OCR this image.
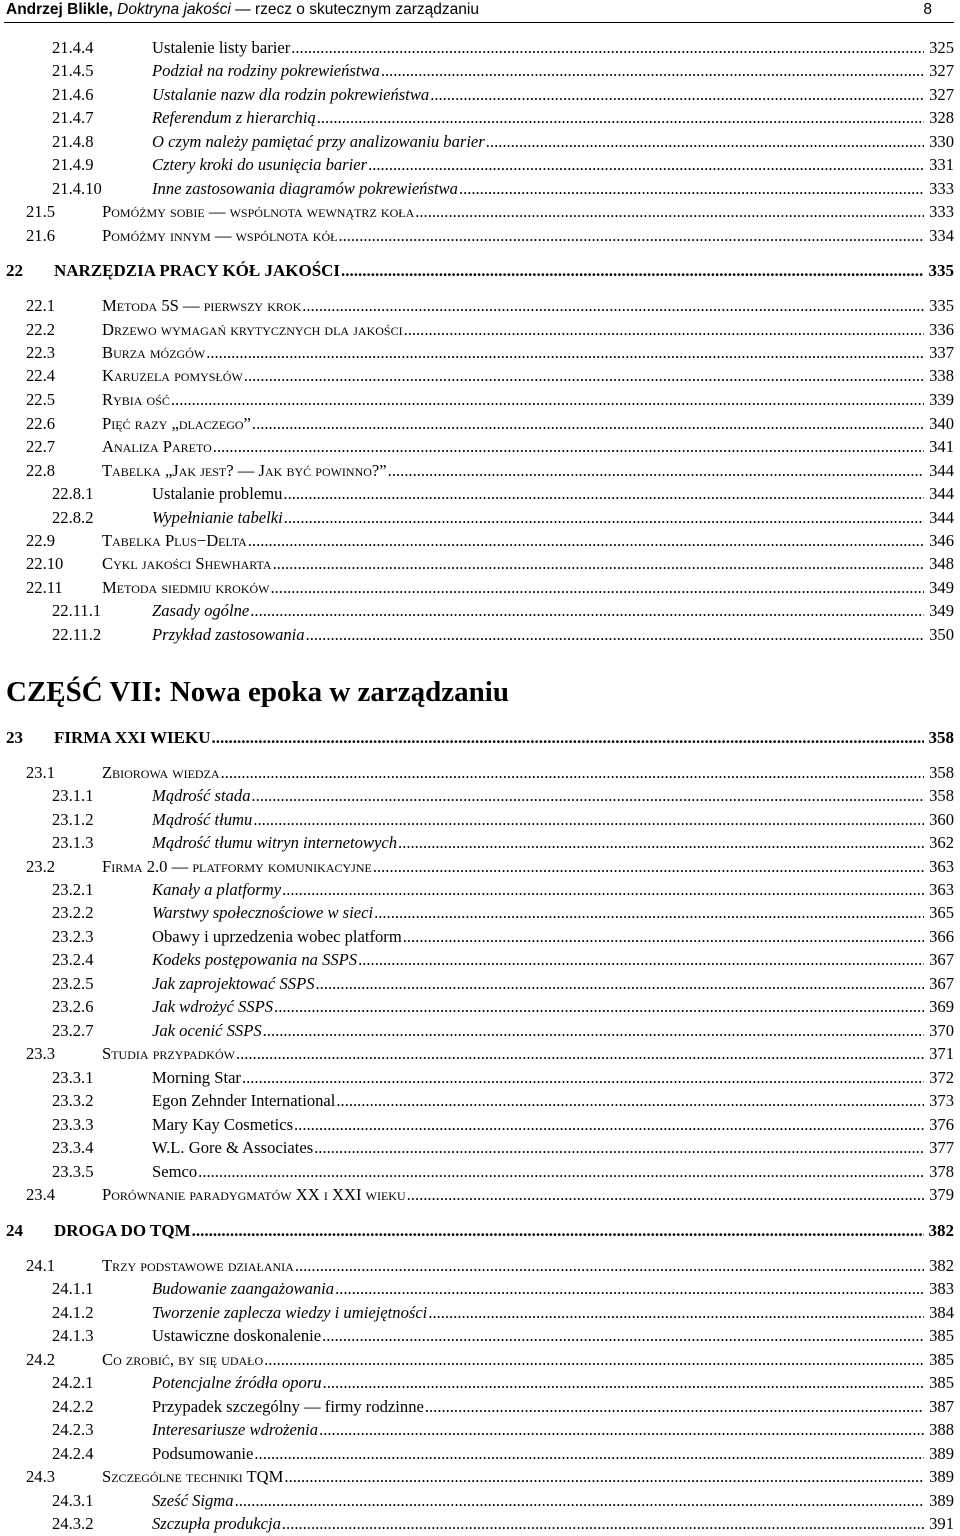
Andrzej Blikle, Doktryna jakości — rzecz o skutecznym zarządzaniu	8
21.4.4	Ustalenie listy barier .....	325
21.4.5	Podział na rodziny pokrewieństwa .....	327
21.4.6	Ustalanie nazw dla rodzin pokrewieństwa .....	327
21.4.7	Referendum z hierarchią .....	328
21.4.8	O czym należy pamiętać przy analizowaniu barier .....	330
21.4.9	Cztery kroki do usunięcia barier .....	331
21.4.10	Inne zastosowania diagramów pokrewieństwa .....	333
21.5	Pomóżmy sobie — wspólnota wewnątrz koła .....	333
21.6	Pomóżmy innym — wspólnota kół .....	334
22 NARZĘDZIA PRACY KÓŁ JAKOŚCI .....	335
22.1	Metoda 5S — pierwszy krok .....	335
22.2	Drzewo wymagań krytycznych dla jakości .....	336
22.3	Burza mózgów .....	337
22.4	Karuzela pomysłów .....	338
22.5	Rybia ość .....	339
22.6	Pięć razy „dlaczego” .....	340
22.7	Analiza Pareto .....	341
22.8	Tabelka „Jak jest? — Jak być powinno?” .....	344
22.8.1	Ustalanie problemu .....	344
22.8.2	Wypełnianie tabelki .....	344
22.9	Tabelka Plus−Delta .....	346
22.10 Cykl jakości Shewharta .....	348
22.11 Metoda siedmiu kroków .....	349
22.11.1	Zasady ogólne .....	349
22.11.2	Przykład zastosowania .....	350
23 FIRMA XXI WIEKU .....	358
23.1	Zbiorowa wiedza .....	358
23.1.1	Mądrość stada .....	358
23.1.2	Mądrość tłumu .....	360
23.1.3	Mądrość tłumu witryn internetowych .....	362
23.2	Firma 2.0 — platformy komunikacyjne .....	363
23.2.1	Kanały a platformy .....	363
23.2.2	Warstwy społecznościowe w sieci .....	365
23.2.3	Obawy i uprzedzenia wobec platform .....	366
23.2.4	Kodeks postępowania na SSPS .....	367
23.2.5	Jak zaprojektować SSPS .....	367
23.2.6	Jak wdrożyć SSPS .....	369
23.2.7	Jak ocenić SSPS .....	370
23.3	Studia przypadków .....	371
23.3.1	Morning Star .....	372
23.3.2	Egon Zehnder International .....	373
23.3.3	Mary Kay Cosmetics .....	376
23.3.4	W.L. Gore & Associates .....	377
23.3.5	Semco .....	378
23.4	Porównanie paradygmatów XX i XXI wieku .....	379
24 DROGA DO TQM .....	382
24.1	Trzy podstawowe działania .....	382
24.1.1	Budowanie zaangażowania .....	383
24.1.2	Tworzenie zaplecza wiedzy i umiejętności .....	384
24.1.3	Ustawiczne doskonalenie .....	385
24.2	Co zrobić, by się udało .....	385
24.2.1	Potencjalne źródła oporu .....	385
24.2.2	Przypadek szczególny — firmy rodzinne .....	387
24.2.3	Interesariusze wdrożenia .....	388
24.2.4	Podsumowanie .....	389
24.3	Szczególne techniki TQM .....	389
24.3.1	Sześć Sigma .....	389
24.3.2	Szczupła produkcja .....	391
CZĘŚĆ VII: Nowa epoka w zarządzaniu
